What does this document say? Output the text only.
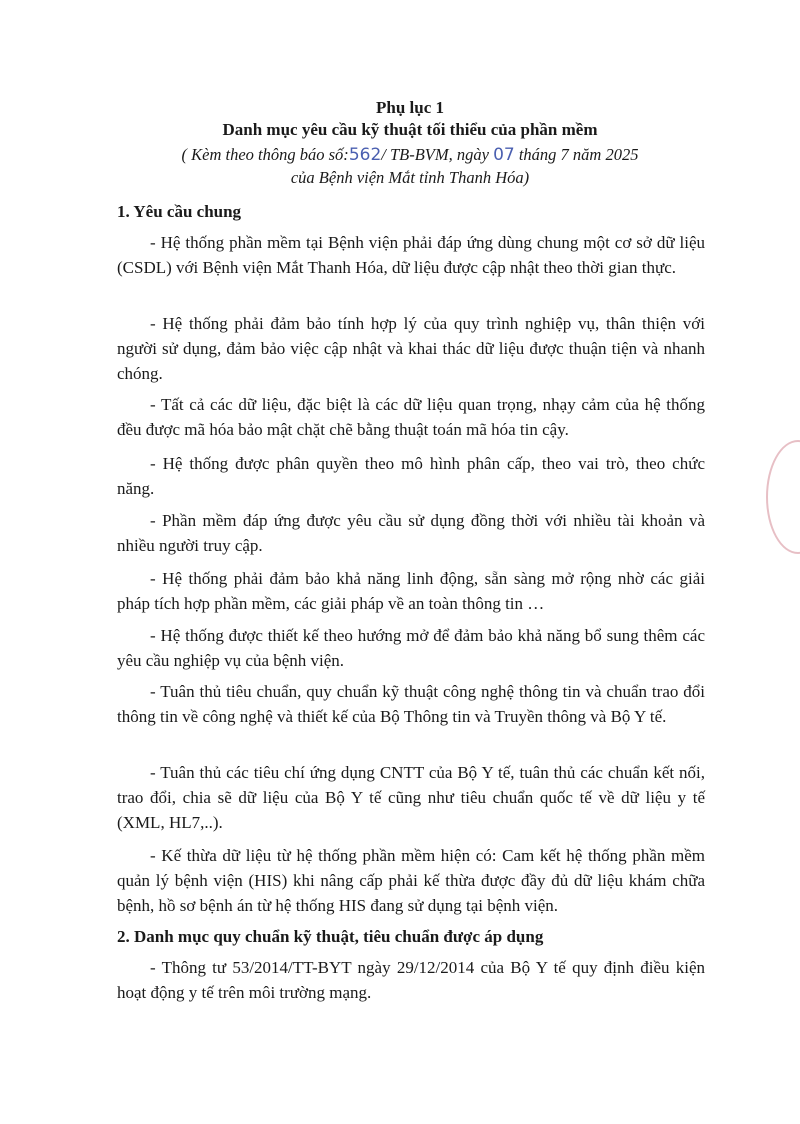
Phụ lục 1
Danh mục yêu cầu kỹ thuật tối thiểu của phần mềm
( Kèm theo thông báo số:562/ TB-BVM, ngày 07 tháng 7 năm 2025
của Bệnh viện Mắt tỉnh Thanh Hóa)
1. Yêu cầu chung
- Hệ thống phần mềm tại Bệnh viện phải đáp ứng dùng chung một cơ sở dữ liệu (CSDL) với Bệnh viện Mắt Thanh Hóa, dữ liệu được cập nhật theo thời gian thực.
- Hệ thống phải đảm bảo tính hợp lý của quy trình nghiệp vụ, thân thiện với người sử dụng, đảm bảo việc cập nhật và khai thác dữ liệu được thuận tiện và nhanh chóng.
- Tất cả các dữ liệu, đặc biệt là các dữ liệu quan trọng, nhạy cảm của hệ thống đều được mã hóa bảo mật chặt chẽ bằng thuật toán mã hóa tin cậy.
- Hệ thống được phân quyền theo mô hình phân cấp, theo vai trò, theo chức năng.
- Phần mềm đáp ứng được yêu cầu sử dụng đồng thời với nhiều tài khoản và nhiều người truy cập.
- Hệ thống phải đảm bảo khả năng linh động, sẵn sàng mở rộng nhờ các giải pháp tích hợp phần mềm, các giải pháp về an toàn thông tin …
- Hệ thống được thiết kế theo hướng mở để đảm bảo khả năng bổ sung thêm các yêu cầu nghiệp vụ của bệnh viện.
- Tuân thủ tiêu chuẩn, quy chuẩn kỹ thuật công nghệ thông tin và chuẩn trao đổi thông tin về công nghệ và thiết kế của Bộ Thông tin và Truyền thông và Bộ Y tế.
- Tuân thủ các tiêu chí ứng dụng CNTT của Bộ Y tế, tuân thủ các chuẩn kết nối, trao đổi, chia sẽ dữ liệu của Bộ Y tế cũng như tiêu chuẩn quốc tế về dữ liệu y tế (XML, HL7,..).
- Kế thừa dữ liệu từ hệ thống phần mềm hiện có: Cam kết hệ thống phần mềm quản lý bệnh viện (HIS) khi nâng cấp phải kế thừa được đầy đủ dữ liệu khám chữa bệnh, hồ sơ bệnh án từ hệ thống HIS đang sử dụng tại bệnh viện.
2. Danh mục quy chuẩn kỹ thuật, tiêu chuẩn được áp dụng
- Thông tư 53/2014/TT-BYT ngày 29/12/2014 của Bộ Y tế quy định điều kiện hoạt động y tế trên môi trường mạng.
